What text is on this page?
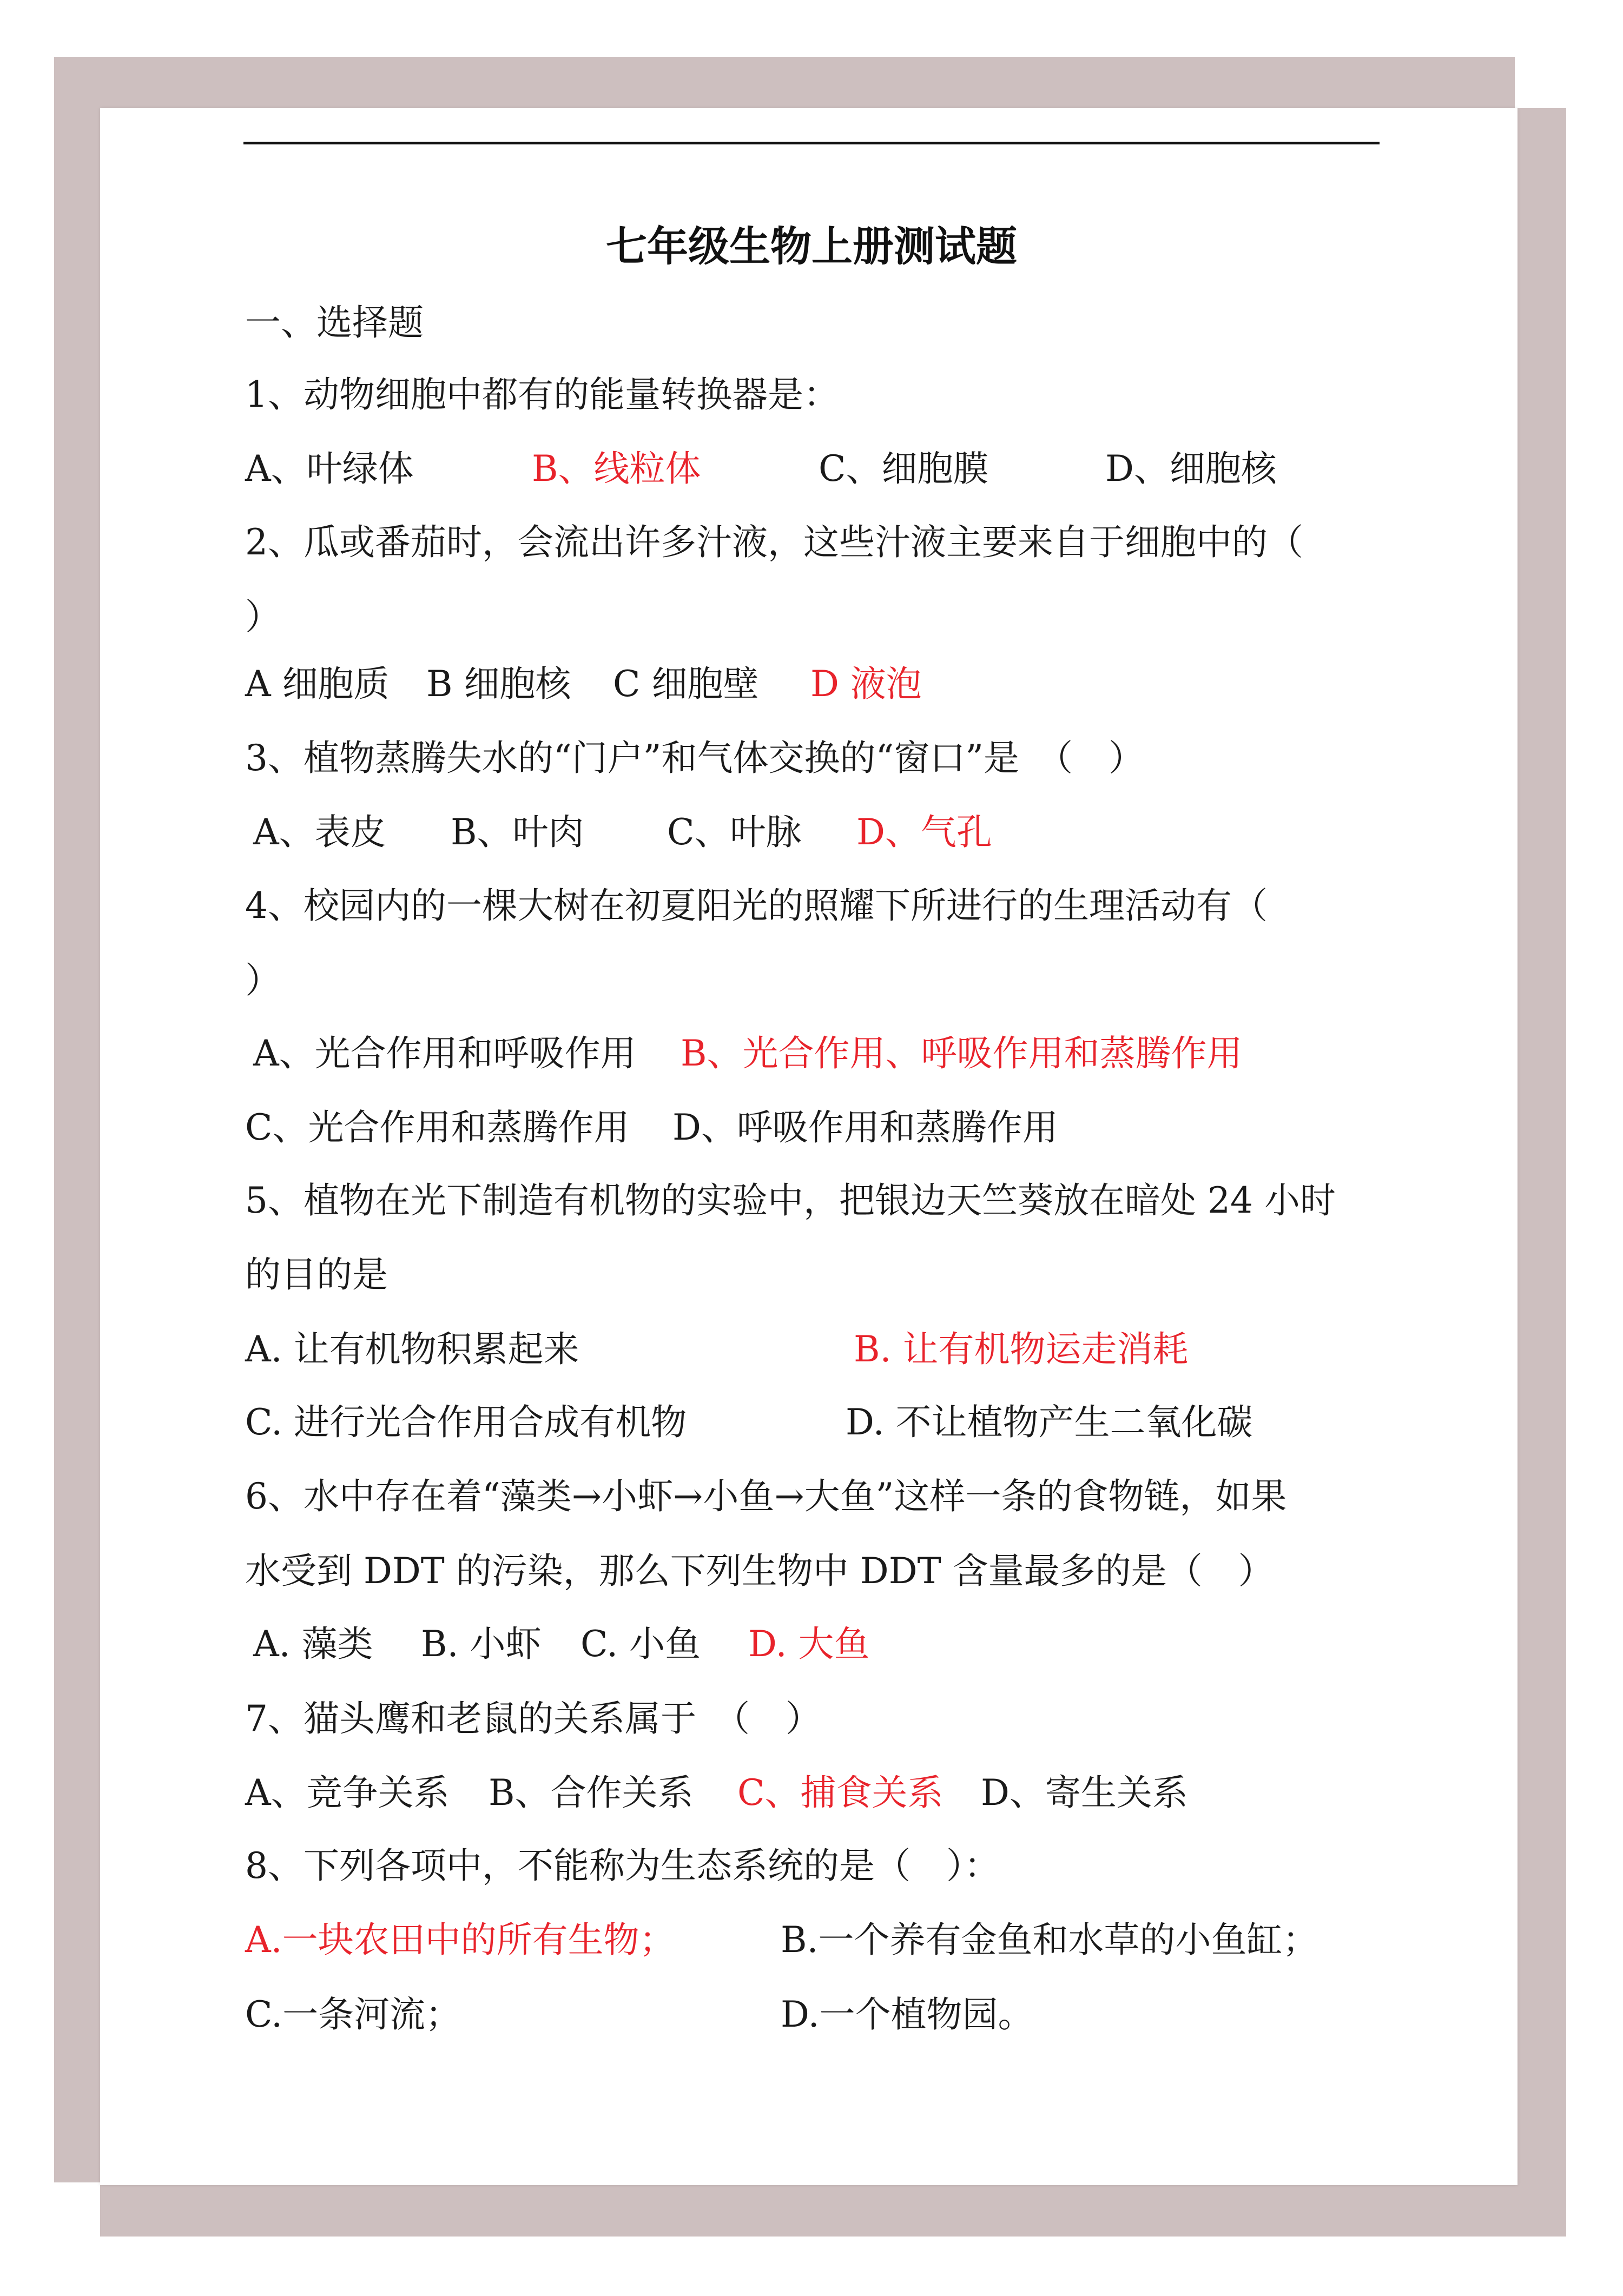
七年级生物上册测试题
一、选择题
1、动物细胞中都有的能量转换器是：
A、叶绿体	B、线粒体	C、细胞膜	D、细胞核
2、瓜或番茄时，会流出许多汁液，这些汁液主要来自于细胞中的（
）
A 细胞质 B 细胞核 C 细胞壁 D 液泡
3、植物蒸腾失水的“门户”和气体交换的“窗口”是　（　）
A、表皮 B、叶肉 C、叶脉 D、气孔
4、校园内的一棵大树在初夏阳光的照耀下所进行的生理活动有（
）
A、光合作用和呼吸作用 B、光合作用、呼吸作用和蒸腾作用
C、光合作用和蒸腾作用 D、呼吸作用和蒸腾作用
5、植物在光下制造有机物的实验中，把银边天竺葵放在暗处 24 小时
的目的是
A. 让有机物积累起来	B. 让有机物运走消耗
C. 进行光合作用合成有机物	D. 不让植物产生二氧化碳
6、水中存在着“藻类→小虾→小鱼→大鱼”这样一条的食物链，如果
水受到 DDT 的污染，那么下列生物中 DDT 含量最多的是（　）
A. 藻类 B. 小虾 C. 小鱼 D. 大鱼
7、猫头鹰和老鼠的关系属于　（　）
A、竞争关系 B、合作关系 C、捕食关系 D、寄生关系
8、下列各项中，不能称为生态系统的是（　）：
A.一块农田中的所有生物；	B.一个养有金鱼和水草的小鱼缸；
C.一条河流；	D.一个植物园。
